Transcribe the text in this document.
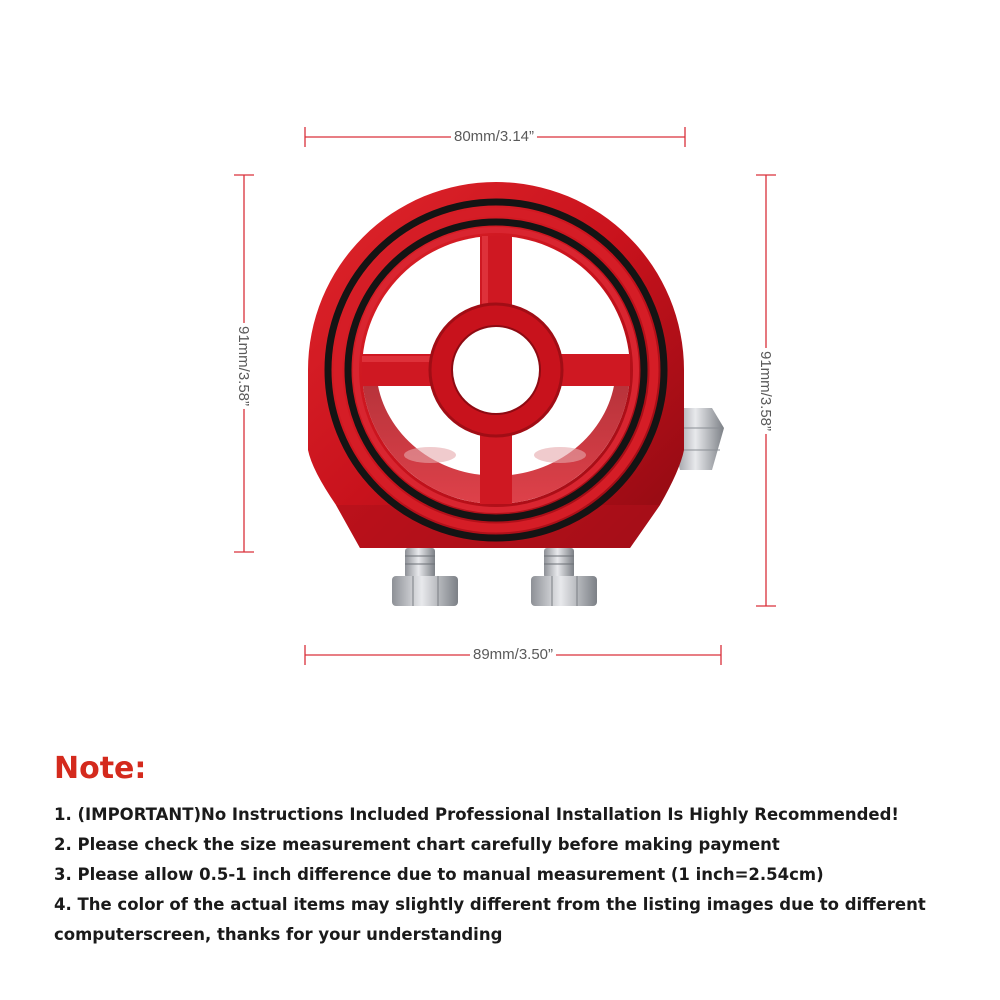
80mm/3.14”
89mm/3.50”
91mm/3.58”	91mm/3.58”
Note:
1. (IMPORTANT)No Instructions Included Professional Installation Is Highly Recommended!
2. Please check the size measurement chart carefully before making payment
3. Please allow 0.5-1 inch difference due to manual measurement (1 inch=2.54cm)
4. The color of the actual items may slightly different from the listing images due to different computerscreen, thanks for your understanding
